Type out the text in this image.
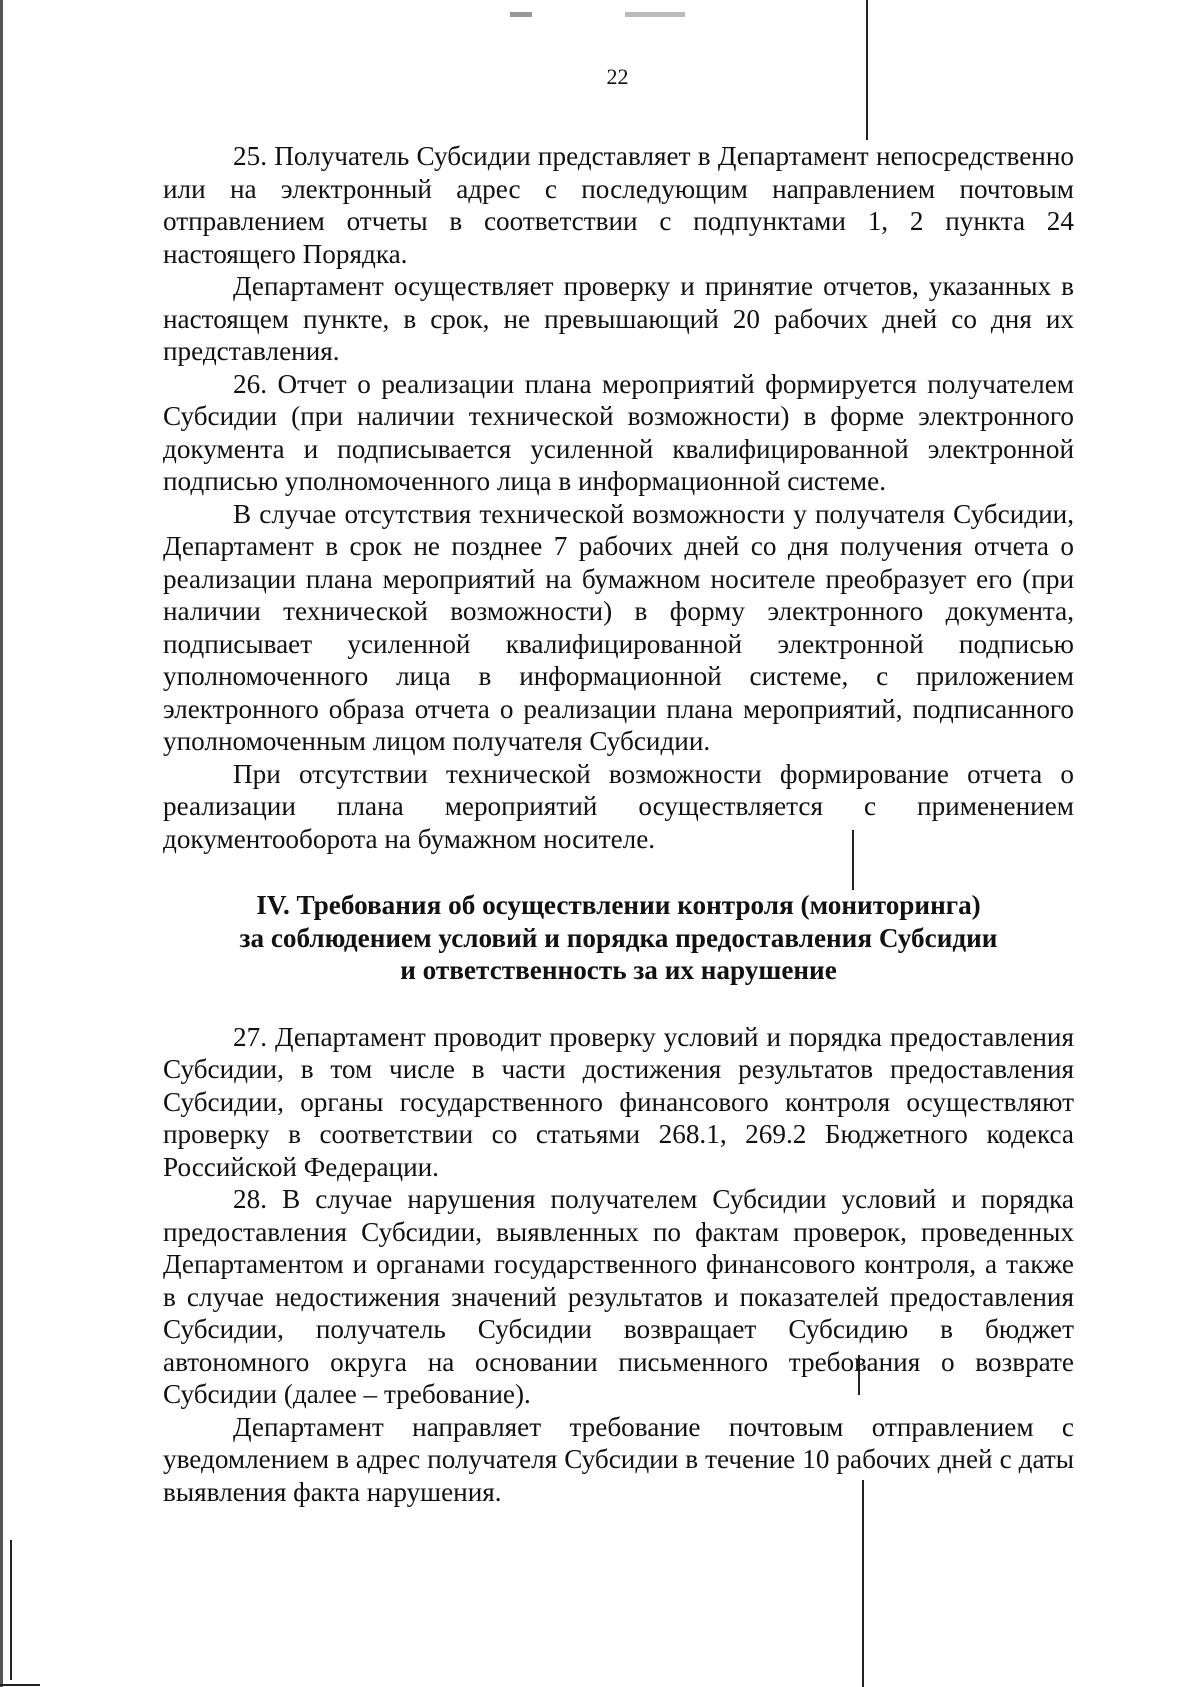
22

25. Получатель Субсидии представляет в Департамент непосредственно или на электронный адрес с последующим направлением почтовым отправлением отчеты в соответствии с подпунктами 1, 2 пункта 24 настоящего Порядка.

Департамент осуществляет проверку и принятие отчетов, указанных в настоящем пункте, в срок, не превышающий 20 рабочих дней со дня их представления.

26. Отчет о реализации плана мероприятий формируется получателем Субсидии (при наличии технической возможности) в форме электронного документа и подписывается усиленной квалифицированной электронной подписью уполномоченного лица в информационной системе.

В случае отсутствия технической возможности у получателя Субсидии, Департамент в срок не позднее 7 рабочих дней со дня получения отчета о реализации плана мероприятий на бумажном носителе преобразует его (при наличии технической возможности) в форму электронного документа, подписывает усиленной квалифицированной электронной подписью уполномоченного лица в информационной системе, с приложением электронного образа отчета о реализации плана мероприятий, подписанного уполномоченным лицом получателя Субсидии.

При отсутствии технической возможности формирование отчета о реализации плана мероприятий осуществляется с применением документооборота на бумажном носителе.

IV. Требования об осуществлении контроля (мониторинга)
за соблюдением условий и порядка предоставления Субсидии
и ответственность за их нарушение

27. Департамент проводит проверку условий и порядка предоставления Субсидии, в том числе в части достижения результатов предоставления Субсидии, органы государственного финансового контроля осуществляют проверку в соответствии со статьями 268.1, 269.2 Бюджетного кодекса Российской Федерации.

28. В случае нарушения получателем Субсидии условий и порядка предоставления Субсидии, выявленных по фактам проверок, проведенных Департаментом и органами государственного финансового контроля, а также в случае недостижения значений результатов и показателей предоставления Субсидии, получатель Субсидии возвращает Субсидию в бюджет автономного округа на основании письменного требования о возврате Субсидии (далее – требование).

Департамент направляет требование почтовым отправлением с уведомлением в адрес получателя Субсидии в течение 10 рабочих дней с даты выявления факта нарушения.
